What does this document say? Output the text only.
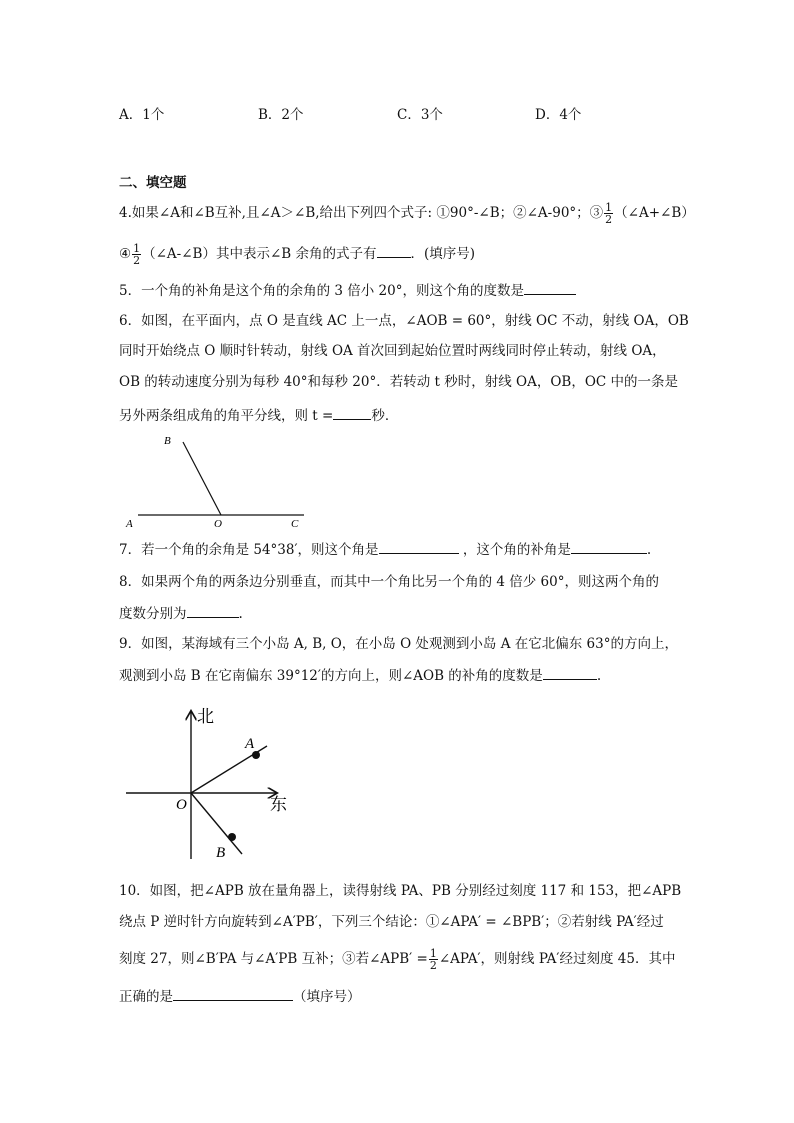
A．1个	B．2个	C．3个	D．4个
二、填空题
4.如果∠A和∠B互补,且∠A＞∠B,给出下列四个式子: ①90°-∠B；②∠A-90°；③ $\frac{1}{2}$ （∠A+∠B）
④ $\frac{1}{2}$ （∠A-∠B）其中表示∠B 余角的式子有	．(填序号)
5．一个角的补角是这个角的余角的 3 倍小 20°，则这个角的度数是
6．如图，在平面内，点 O 是直线 AC 上一点，∠AOB = 60°，射线 OC 不动，射线 OA，OB
同时开始绕点 O 顺时针转动，射线 OA 首次回到起始位置时两线同时停止转动，射线 OA，
OB 的转动速度分别为每秒 40°和每秒 20°．若转动 t 秒时，射线 OA，OB，OC 中的一条是
另外两条组成角的角平分线，则 t =	秒．
B
A	O	C
7．若一个角的余角是 54°38′，则这个角是	，这个角的补角是	.
8．如果两个角的两条边分别垂直，而其中一个角比另一个角的 4 倍少 60°，则这两个角的
度数分别为	.
9．如图，某海域有三个小岛 A, B, O，在小岛 O 处观测到小岛 A 在它北偏东 63°的方向上，
观测到小岛 B 在它南偏东 39°12′的方向上，则∠AOB 的补角的度数是	.
北
东
A
B
O
10．如图，把∠APB 放在量角器上，读得射线 PA、PB 分别经过刻度 117 和 153，把∠APB
绕点 P 逆时针方向旋转到∠A′PB′，下列三个结论：①∠APA′ = ∠BPB′；②若射线 PA′经过
刻度 27，则∠B′PA 与∠A′PB 互补；③若∠APB′ = $\frac{1}{2}$ ∠APA′，则射线 PA′经过刻度 45．其中
正确的是	（填序号）
